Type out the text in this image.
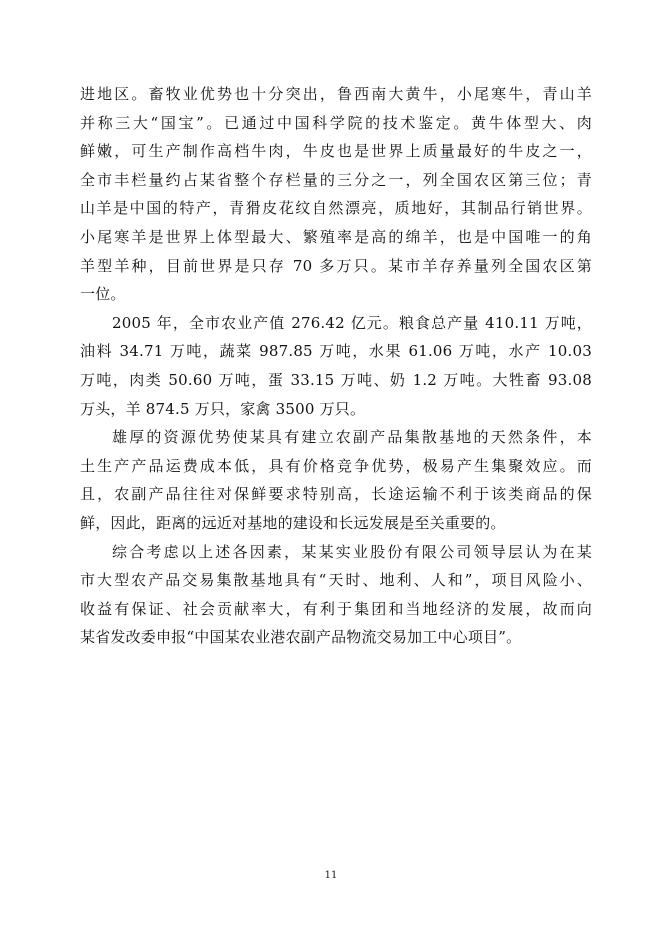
进地区。畜牧业优势也十分突出，鲁西南大黄牛，小尾寒牛，青山羊
并称三大“国宝”。已通过中国科学院的技术鉴定。黄牛体型大、肉
鲜嫩，可生产制作高档牛肉，牛皮也是世界上质量最好的牛皮之一，
全市丰栏量约占某省整个存栏量的三分之一，列全国农区第三位；青
山羊是中国的特产，青猾皮花纹自然漂亮，质地好，其制品行销世界。
小尾寒羊是世界上体型最大、繁殖率是高的绵羊，也是中国唯一的角
羊型羊种，目前世界是只存 70 多万只。某市羊存养量列全国农区第
一位。
2005 年，全市农业产值 276.42 亿元。粮食总产量 410.11 万吨，
油料 34.71 万吨，蔬菜 987.85 万吨，水果 61.06 万吨，水产 10.03
万吨，肉类 50.60 万吨，蛋 33.15 万吨、奶 1.2 万吨。大牲畜 93.08
万头，羊 874.5 万只，家禽 3500 万只。
雄厚的资源优势使某具有建立农副产品集散基地的天然条件，本
土生产产品运费成本低，具有价格竞争优势，极易产生集聚效应。而
且，农副产品往往对保鲜要求特别高，长途运输不利于该类商品的保
鲜，因此，距离的远近对基地的建设和长远发展是至关重要的。
综合考虑以上述各因素，某某实业股份有限公司领导层认为在某
市大型农产品交易集散基地具有“天时、地利、人和”，项目风险小、
收益有保证、社会贡献率大，有利于集团和当地经济的发展，故而向
某省发改委申报“中国某农业港农副产品物流交易加工中心项目”。
11
